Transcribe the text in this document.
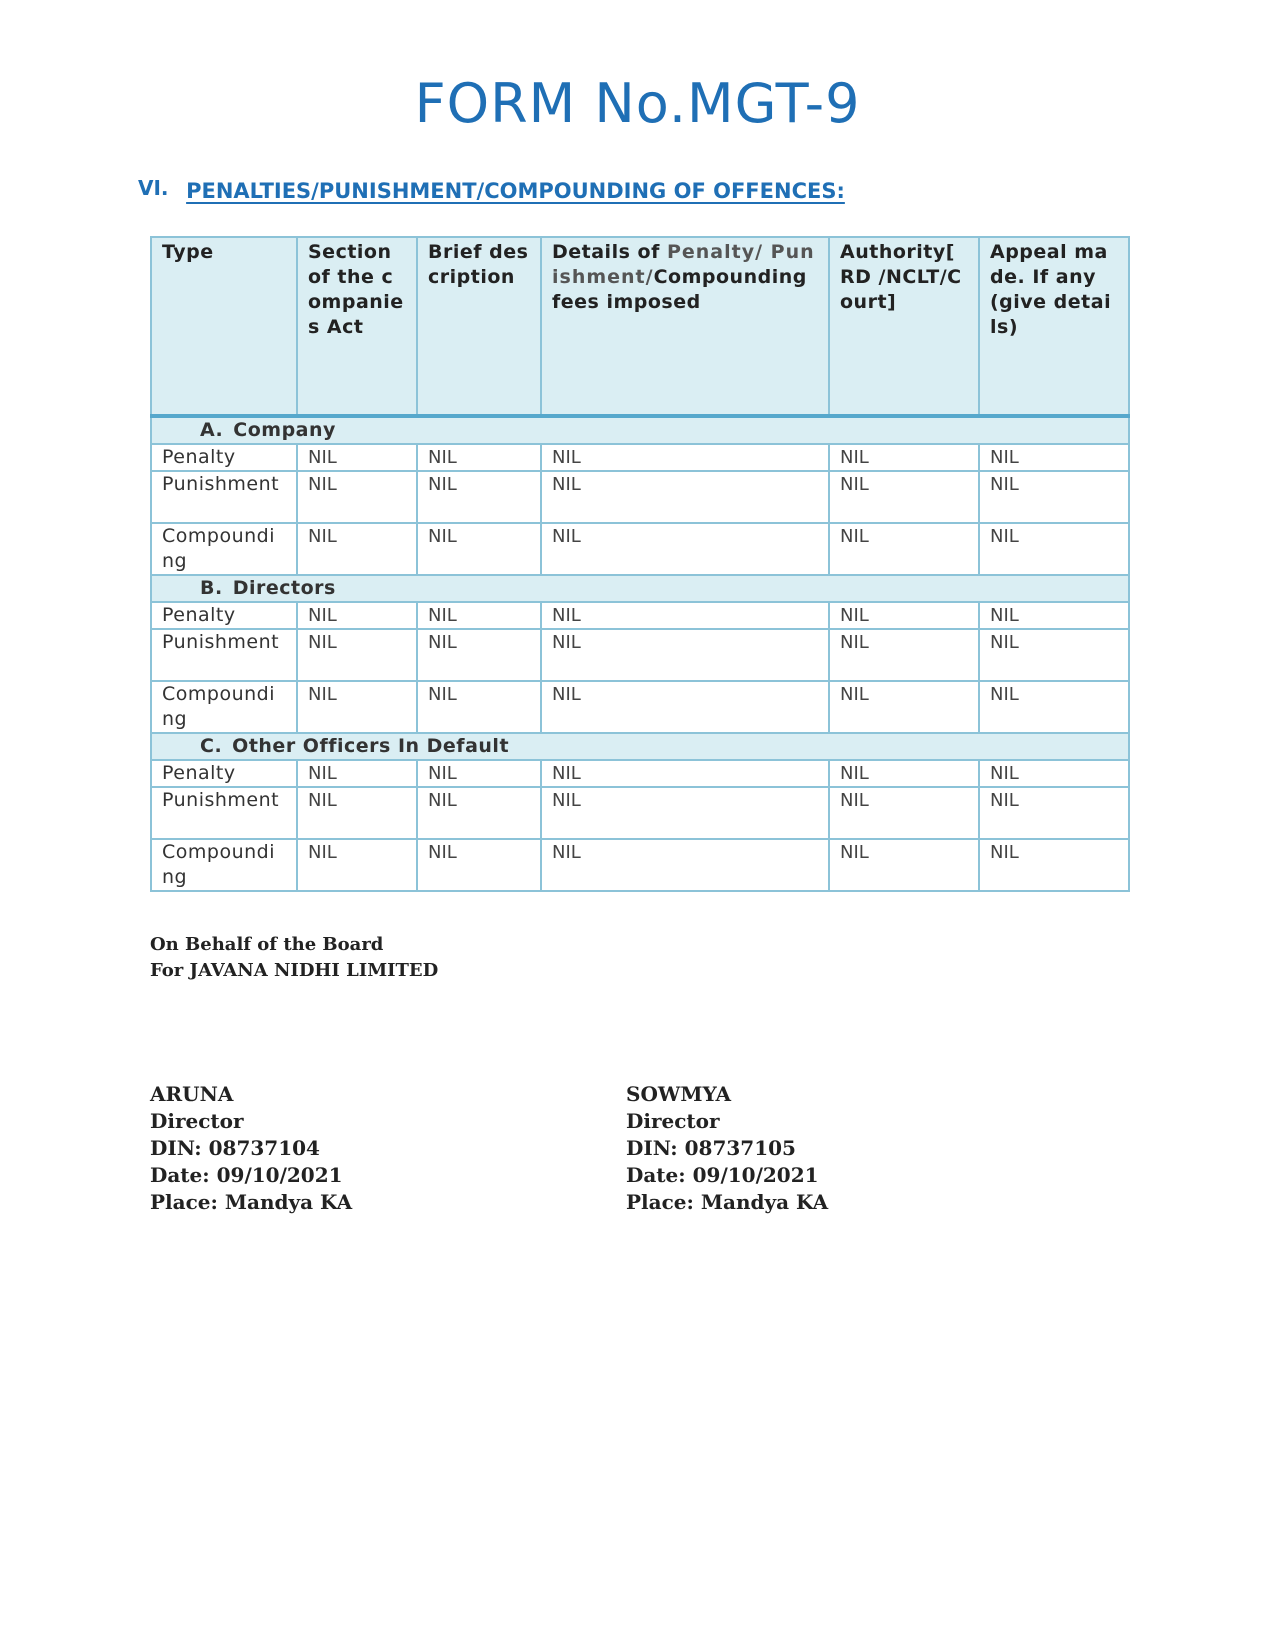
FORM No.MGT-9
VI. PENALTIES/PUNISHMENT/COMPOUNDING OF OFFENCES:
Type	Section of the companies Act	Brief description	Details of Penalty/ Punishment/Compounding fees imposed	Authority[ RD /NCLT/Court]	Appeal made. If any(give details)
A. Company					
Penalty	NIL	NIL	NIL	NIL	NIL
Punishment	NIL	NIL	NIL	NIL	NIL
Compounding	NIL	NIL	NIL	NIL	NIL
B. Directors					
Penalty	NIL	NIL	NIL	NIL	NIL
Punishment	NIL	NIL	NIL	NIL	NIL
Compounding	NIL	NIL	NIL	NIL	NIL
C. Other Officers In Default					
Penalty	NIL	NIL	NIL	NIL	NIL
Punishment	NIL	NIL	NIL	NIL	NIL
Compounding	NIL	NIL	NIL	NIL	NIL
On Behalf of the Board
For JAVANA NIDHI LIMITED
ARUNA
Director
DIN: 08737104
Date: 09/10/2021
Place: Mandya KA
SOWMYA
Director
DIN: 08737105
Date: 09/10/2021
Place: Mandya KA
